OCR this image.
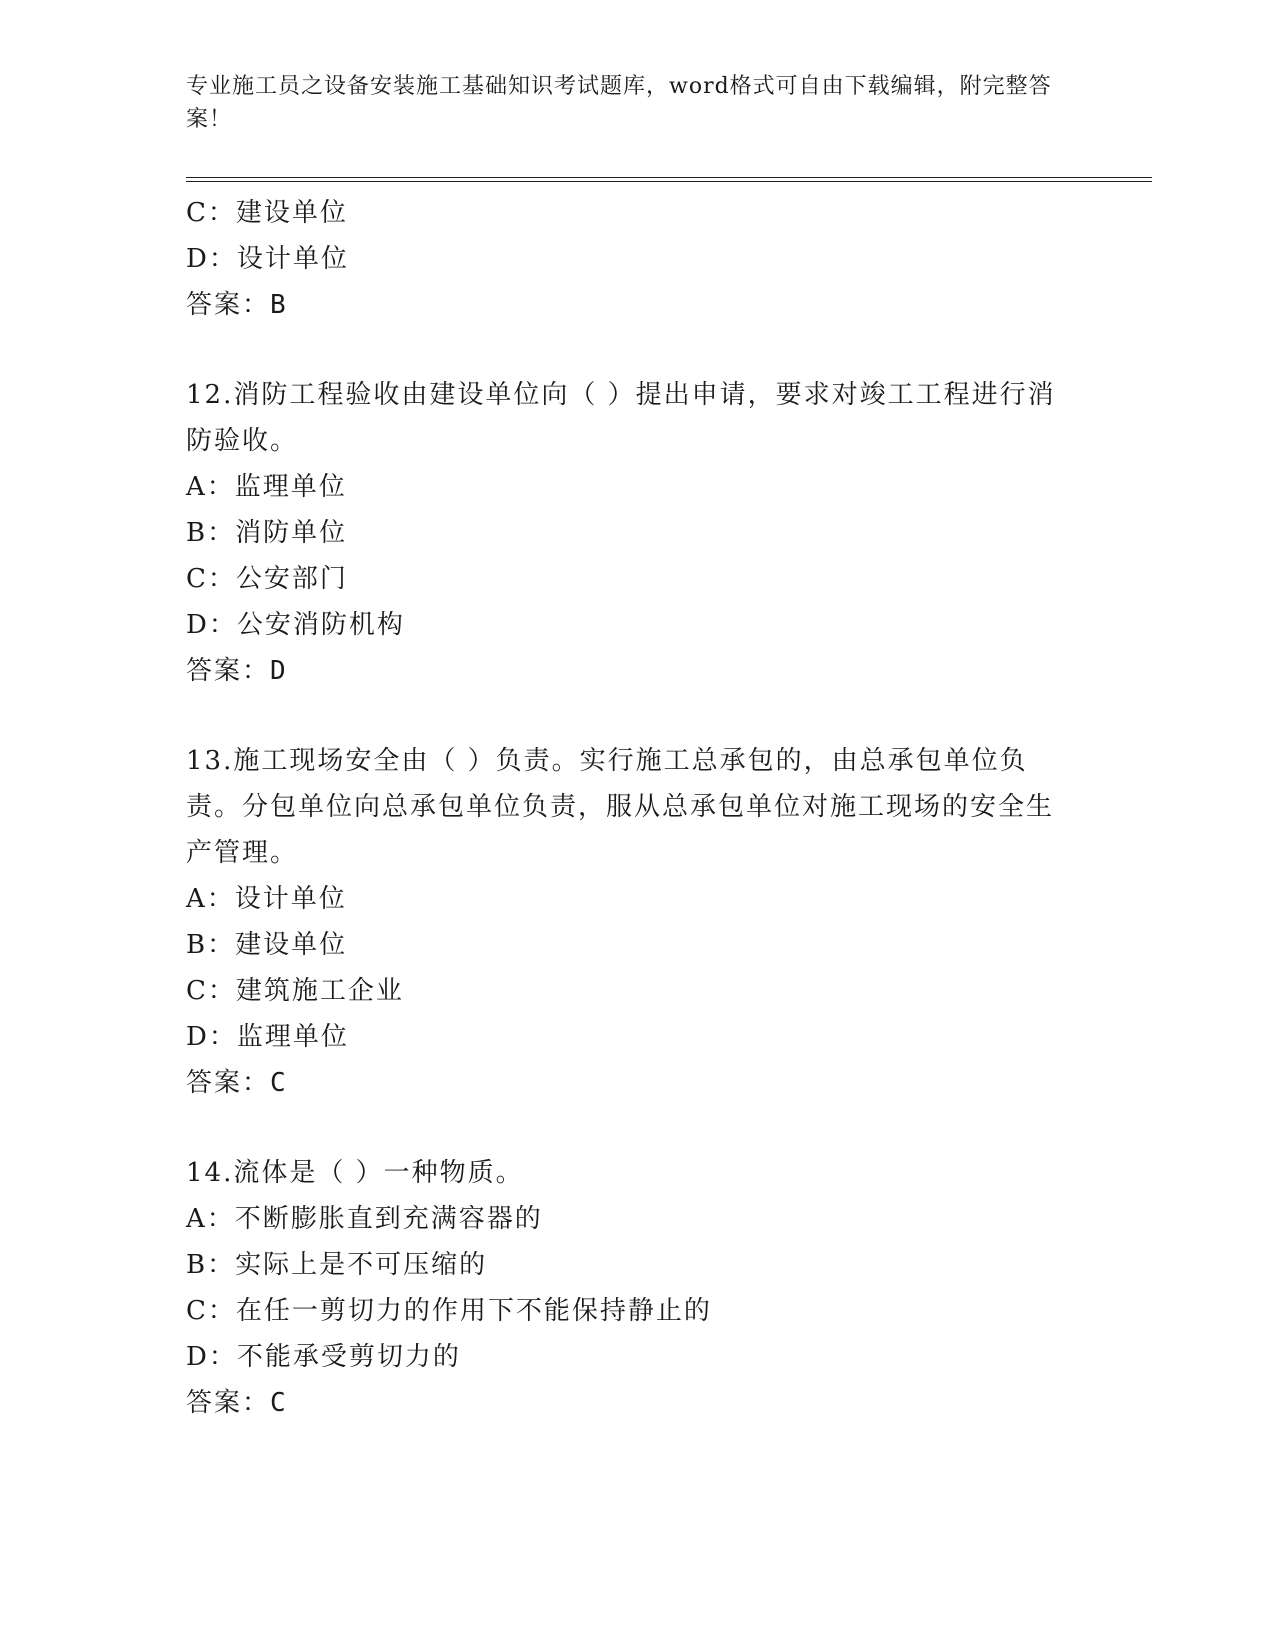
专业施工员之设备安装施工基础知识考试题库，word格式可自由下载编辑，附完整答案！
C：建设单位
D：设计单位
答案：B
12.消防工程验收由建设单位向（ ）提出申请，要求对竣工工程进行消防验收。
A：监理单位
B：消防单位
C：公安部门
D：公安消防机构
答案：D
13.施工现场安全由（ ）负责。实行施工总承包的，由总承包单位负责。分包单位向总承包单位负责，服从总承包单位对施工现场的安全生产管理。
A：设计单位
B：建设单位
C：建筑施工企业
D：监理单位
答案：C
14.流体是（ ）一种物质。
A：不断膨胀直到充满容器的
B：实际上是不可压缩的
C：在任一剪切力的作用下不能保持静止的
D：不能承受剪切力的
答案：C
